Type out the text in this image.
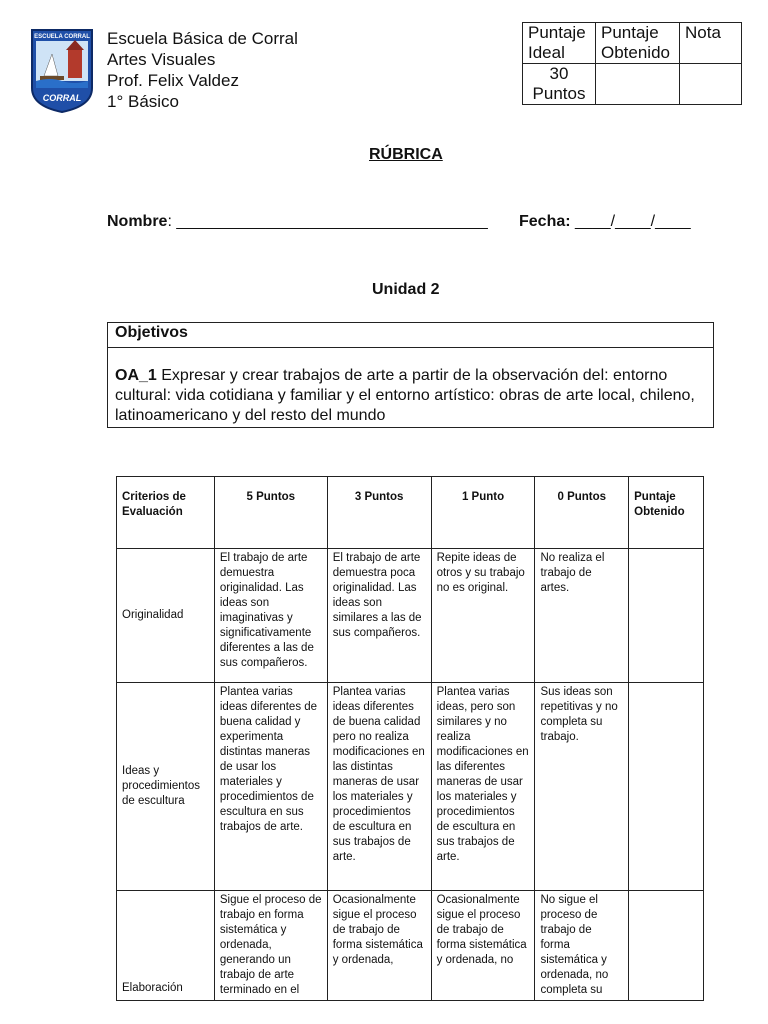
ESCUELA CORRAL
CORRAL
Escuela Básica de Corral
Artes Visuales
Prof. Felix Valdez
1° Básico
Puntaje Ideal	Puntaje Obtenido	Nota
30 Puntos		
RÚBRICA
Nombre: ___________________________________ Fecha: ____/____/____
Unidad 2
Objetivos
OA_1 Expresar y crear trabajos de arte a partir de la observación del: entorno cultural: vida cotidiana y familiar y el entorno artístico: obras de arte local, chileno, latinoamericano y del resto del mundo
Criterios de Evaluación	5 Puntos	3 Puntos	1 Punto	0 Puntos	Puntaje Obtenido
Originalidad	El trabajo de arte demuestra originalidad. Las ideas son imaginativas y significativamente diferentes a las de sus compañeros.	El trabajo de arte demuestra poca originalidad. Las ideas son similares a las de sus compañeros.	Repite ideas de otros y su trabajo no es original.	No realiza el trabajo de artes.	
Ideas y procedimientos de escultura	Plantea varias ideas diferentes de buena calidad y experimenta distintas maneras de usar los materiales y procedimientos de escultura en sus trabajos de arte.	Plantea varias ideas diferentes de buena calidad pero no realiza modificaciones en las distintas maneras de usar los materiales y procedimientos de escultura en sus trabajos de arte.	Plantea varias ideas, pero son similares y no realiza modificaciones en las diferentes maneras de usar los materiales y procedimientos de escultura en sus trabajos de arte.	Sus ideas son repetitivas y no completa su trabajo.	
Elaboración	Sigue el proceso de trabajo en forma sistemática y ordenada, generando un trabajo de arte terminado en el	Ocasionalmente sigue el proceso de trabajo de forma sistemática y ordenada,	Ocasionalmente sigue el proceso de trabajo de forma sistemática y ordenada, no	No sigue el proceso de trabajo de forma sistemática y ordenada, no completa su	
